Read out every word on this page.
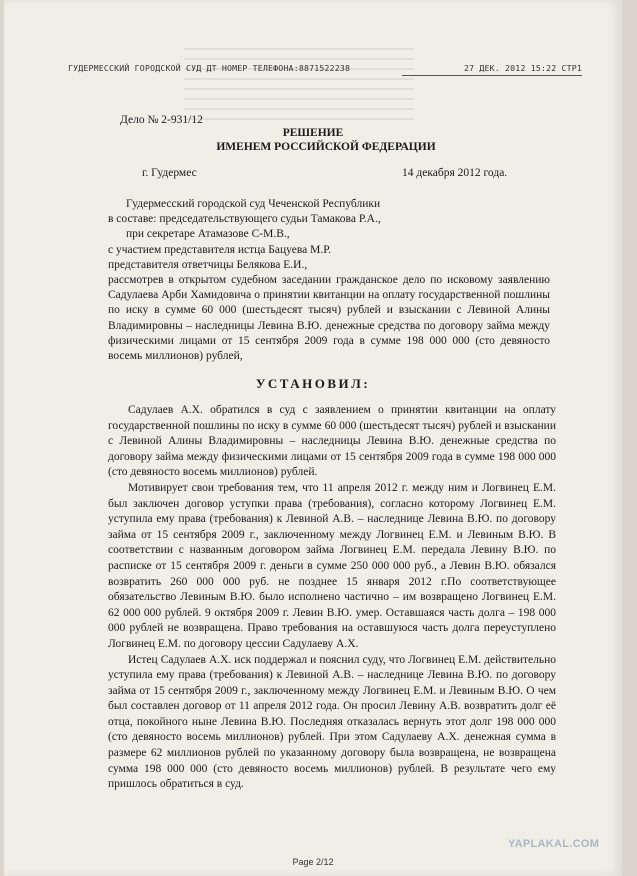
ГУДЕРМЕССКИЙ ГОРОДСКОЙ СУД ДТ НОМЕР ТЕЛЕФОНА:8871522238	27 ДЕК. 2012 15:22 СТР1
Дело № 2-931/12
РЕШЕНИЕ
ИМЕНЕМ РОССИЙСКОЙ ФЕДЕРАЦИИ
г. Гудермес	14 декабря 2012 года.

Гудермесский городской суд Чеченской Республики

в составе: председательствующего судьи Тамакова Р.А.,

при секретаре Атамазове С-М.В.,

с участием представителя истца Бацуева М.Р.

представителя ответчицы Белякова Е.И.,

рассмотрев в открытом судебном заседании гражданское дело по исковому заявлению Садулаева Арби Хамидовича о принятии квитанции на оплату государственной пошлины по иску в сумме 60 000 (шестьдесят тысяч) рублей и взыскании с Левиной Алины Владимировны – наследницы Левина В.Ю. денежные средства по договору займа между физическими лицами от 15 сентября 2009 года в сумме 198 000 000 (сто девяносто восемь миллионов) рублей,

УСТАНОВИЛ:

Садулаев А.Х. обратился в суд с заявлением о принятии квитанции на оплату государственной пошлины по иску в сумме 60 000 (шестьдесят тысяч) рублей и взыскании с Левиной Алины Владимировны – наследницы Левина В.Ю. денежные средства по договору займа между физическими лицами от 15 сентября 2009 года в сумме 198 000 000 (сто девяносто восемь миллионов) рублей.

Мотивирует свои требования тем, что 11 апреля 2012 г. между ним и Логвинец Е.М. был заключен договор уступки права (требования), согласно которому Логвинец Е.М. уступила ему права (требования) к Левиной А.В. – наследнице Левина В.Ю. по договору займа от 15 сентября 2009 г., заключенному между Логвинец Е.М. и Левиным В.Ю. В соответствии с названным договором займа Логвинец Е.М. передала Левину В.Ю. по расписке от 15 сентября 2009 г. деньги в сумме 250 000 000 руб., а Левин В.Ю. обязался возвратить 260 000 000 руб. не позднее 15 января 2012 г.По соответствующее обязательство Левиным В.Ю. было исполнено частично – им возвращено Логвинец Е.М. 62 000 000 рублей. 9 октября 2009 г. Левин В.Ю. умер. Оставшаяся часть долга – 198 000 000 рублей не возвращена. Право требования на оставшуюся часть долга переуступлено Логвинец Е.М. по договору цессии Садулаеву А.Х.

Истец Садулаев А.Х. иск поддержал и пояснил суду, что Логвинец Е.М. действительно уступила ему права (требования) к Левиной А.В. – наследнице Левина В.Ю. по договору займа от 15 сентября 2009 г., заключенному между Логвинец Е.М. и Левиным В.Ю. О чем был составлен договор от 11 апреля 2012 года. Он просил Левину А.В. возвратить долг её отца, покойного ныне Левина В.Ю. Последняя отказалась вернуть этот долг 198 000 000 (сто девяносто восемь миллионов) рублей. При этом Садулаеву А.Х. денежная сумма в размере 62 миллионов рублей по указанному договору была возвращена, не возвращена сумма 198 000 000 (сто девяносто восемь миллионов) рублей. В результате чего ему пришлось обратиться в суд.

Page 2/12
YAPLAKAL.COM
